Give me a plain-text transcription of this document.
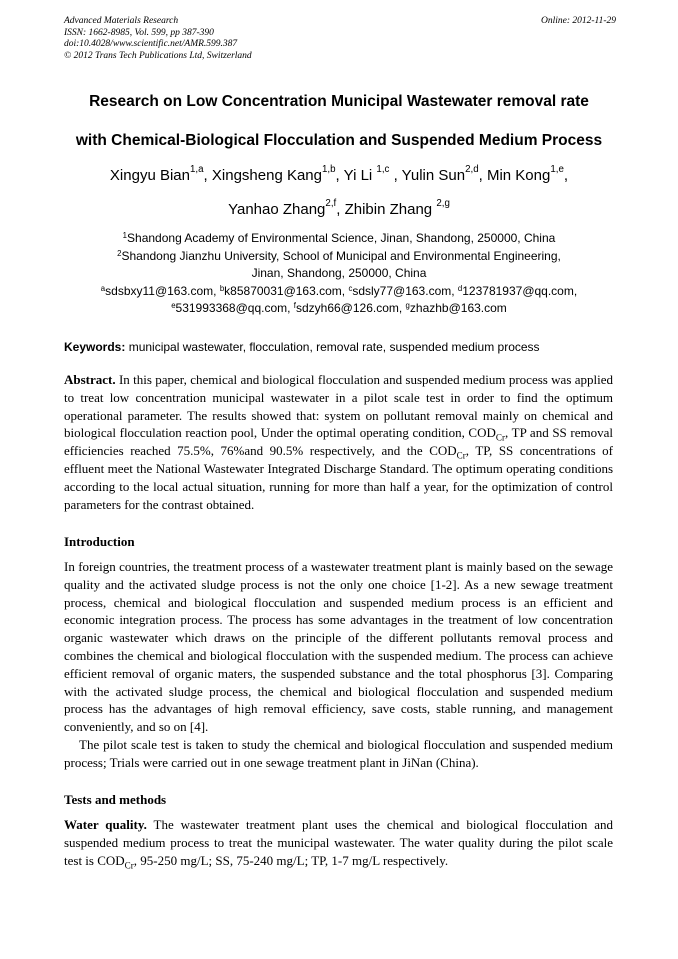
Advanced Materials Research
ISSN: 1662-8985, Vol. 599, pp 387-390
doi:10.4028/www.scientific.net/AMR.599.387
© 2012 Trans Tech Publications Ltd, Switzerland
Online: 2012-11-29
Research on Low Concentration Municipal Wastewater removal rate
with Chemical-Biological Flocculation and Suspended Medium Process
Xingyu Bian$^{1,a}$, Xingsheng Kang$^{1,b}$, Yi Li $^{1,c}$ , Yulin Sun$^{2,d}$, Min Kong$^{1,e}$,
Yanhao Zhang$^{2,f}$, Zhibin Zhang $^{2,g}$
$^1$Shandong Academy of Environmental Science, Jinan, Shandong, 250000, China
$^2$Shandong Jianzhu University, School of Municipal and Environmental Engineering,
Jinan, Shandong, 250000, China
$^a$sdsbxy11@163.com, $^b$k85870031@163.com, $^c$sdsly77@163.com, $^d$123781937@qq.com,
$^e$531993368@qq.com, $^f$sdzyh66@126.com, $^g$zhazhb@163.com
Keywords: municipal wastewater, flocculation, removal rate, suspended medium process
Abstract. In this paper, chemical and biological flocculation and suspended medium process was applied to treat low concentration municipal wastewater in a pilot scale test in order to find the optimum operational parameter. The results showed that: system on pollutant removal mainly on chemical and biological flocculation reaction pool, Under the optimal operating condition, $COD_{Cr}$, TP and SS removal efficiencies reached 75.5%, 76%and 90.5% respectively, and the $COD_{Cr}$, TP, SS concentrations of effluent meet the National Wastewater Integrated Discharge Standard. The optimum operating conditions according to the local actual situation, running for more than half a year, for the optimization of control parameters for the contrast obtained.
Introduction

In foreign countries, the treatment process of a wastewater treatment plant is mainly based on the sewage quality and the activated sludge process is not the only one choice [1-2]. As a new sewage treatment process, chemical and biological flocculation and suspended medium process is an efficient and economic integration process. The process has some advantages in the treatment of low concentration organic wastewater which draws on the principle of the different pollutants removal process and combines the chemical and biological flocculation with the suspended medium. The process can achieve efficient removal of organic maters, the suspended substance and the total phosphorus [3]. Comparing with the activated sludge process, the chemical and biological flocculation and suspended medium process has the advantages of high removal efficiency, save costs, stable running, and management conveniently, and so on [4].

The pilot scale test is taken to study the chemical and biological flocculation and suspended medium process; Trials were carried out in one sewage treatment plant in JiNan (China).

Tests and methods
Water quality. The wastewater treatment plant uses the chemical and biological flocculation and suspended medium process to treat the municipal wastewater. The water quality during the pilot scale test is $COD_{Cr}$, 95-250 mg/L; SS, 75-240 mg/L; TP, 1-7 mg/L respectively.
